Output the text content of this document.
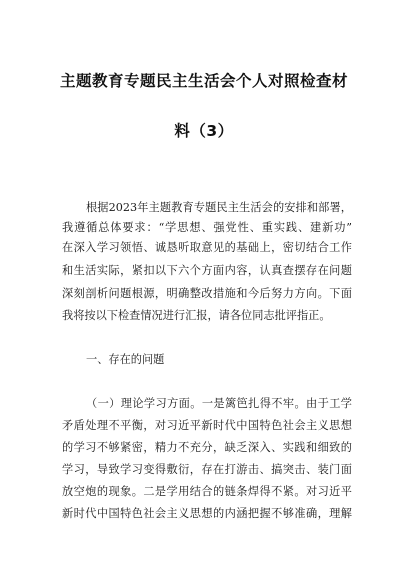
主题教育专题民主生活会个人对照检查材
料（3）
根据2023年主题教育专题民主生活会的安排和部署，
我遵循总体要求：“学思想、强党性、重实践、建新功”
在深入学习领悟、诚恳听取意见的基础上，密切结合工作
和生活实际，紧扣以下六个方面内容，认真查摆存在问题
深刻剖析问题根源，明确整改措施和今后努力方向。下面
我将按以下检查情况进行汇报，请各位同志批评指正。
一、存在的问题
（一）理论学习方面。一是篱笆扎得不牢。由于工学
矛盾处理不平衡，对习近平新时代中国特色社会主义思想
的学习不够紧密，精力不充分，缺乏深入、实践和细致的
学习，导致学习变得敷衍，存在打游击、搞突击、装门面
放空炮的现象。二是学用结合的链条焊得不紧。对习近平
新时代中国特色社会主义思想的内涵把握不够准确，理解
